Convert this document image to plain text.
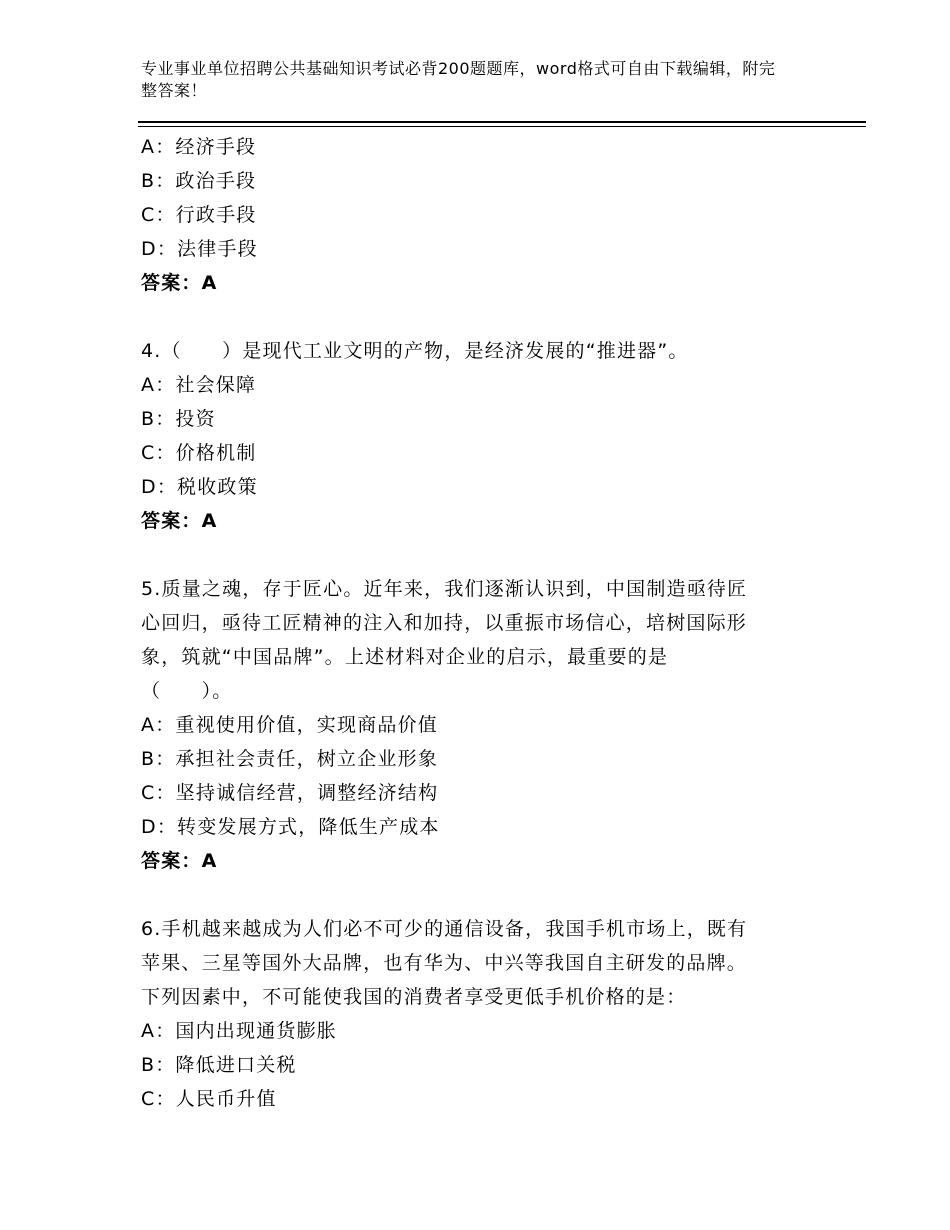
专业事业单位招聘公共基础知识考试必背200题题库，word格式可自由下载编辑，附完整答案！
A：经济手段
B：政治手段
C：行政手段
D：法律手段
答案：A
4.（　　）是现代工业文明的产物，是经济发展的“推进器”。
A：社会保障
B：投资
C：价格机制
D：税收政策
答案：A
5.质量之魂，存于匠心。近年来，我们逐渐认识到，中国制造亟待匠
心回归，亟待工匠精神的注入和加持，以重振市场信心，培树国际形
象，筑就“中国品牌”。上述材料对企业的启示，最重要的是
（　　）。
A：重视使用价值，实现商品价值
B：承担社会责任，树立企业形象
C：坚持诚信经营，调整经济结构
D：转变发展方式，降低生产成本
答案：A
6.手机越来越成为人们必不可少的通信设备，我国手机市场上，既有
苹果、三星等国外大品牌，也有华为、中兴等我国自主研发的品牌。
下列因素中，不可能使我国的消费者享受更低手机价格的是：
A：国内出现通货膨胀
B：降低进口关税
C：人民币升值
